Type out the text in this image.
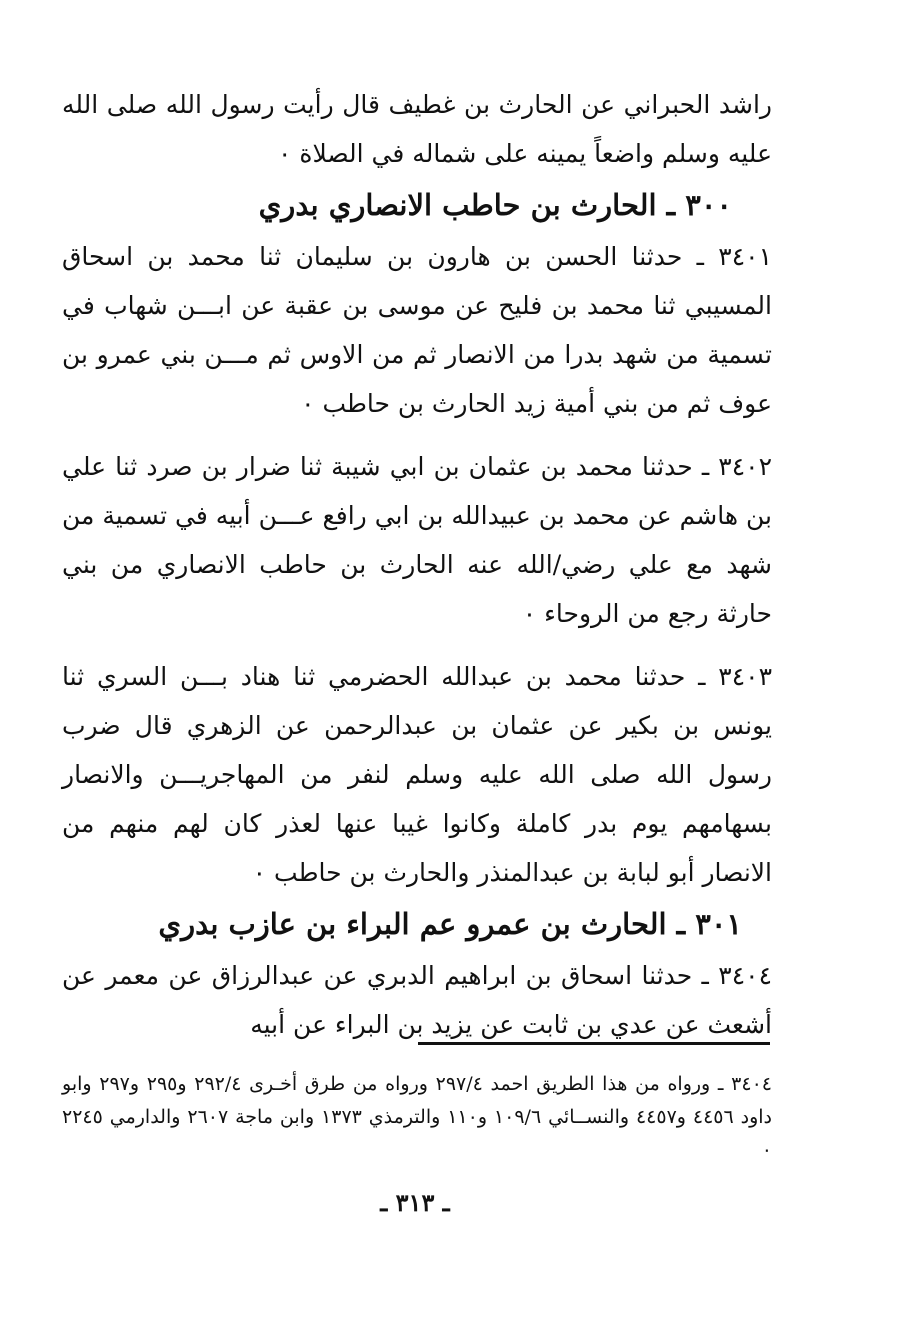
راشد الحبراني عن الحارث بن غطيف قال رأيت رسول الله صلى الله عليه وسلم واضعاً يمينه على شماله في الصلاة ٠

٣٠٠ ـ الحارث بن حاطب الانصاري بدري

٣٤٠١ ـ حدثنا الحسن بن هارون بن سليمان ثنا محمد بن اسحاق المسيبي ثنا محمد بن فليح عن موسى بن عقبة عن ابـــن شهاب في تسمية من شهد بدرا من الانصار ثم من الاوس ثم مـــن بني عمرو بن عوف ثم من بني أمية زيد الحارث بن حاطب ٠

٣٤٠٢ ـ حدثنا محمد بن عثمان بن ابي شيبة ثنا ضرار بن صرد ثنا علي بن هاشم عن محمد بن عبيدالله بن ابي رافع عـــن أبيه في تسمية من شهد مع علي رضي/الله عنه الحارث بن حاطب الانصاري من بني حارثة رجع من الروحاء ٠

٣٤٠٣ ـ حدثنا محمد بن عبدالله الحضرمي ثنا هناد بـــن السري ثنا يونس بن بكير عن عثمان بن عبدالرحمن عن الزهري قال ضرب رسول الله صلى الله عليه وسلم لنفر من المهاجريـــن والانصار بسهامهم يوم بدر كاملة وكانوا غيبا عنها لعذر كان لهم منهم من الانصار أبو لبابة بن عبدالمنذر والحارث بن حاطب ٠

٣٠١ ـ الحارث بن عمرو عم البراء بن عازب بدري

٣٤٠٤ ـ حدثنا اسحاق بن ابراهيم الدبري عن عبدالرزاق عن معمر عن أشعث عن عدي بن ثابت عن يزيد بن البراء عن أبيه

٣٤٠٤ ـ ورواه من هذا الطريق احمد ٢٩٧/٤ ورواه من طرق أخـرى ٢٩٢/٤ و٢٩٥ و٢٩٧ وابو داود ٤٤٥٦ و٤٤٥٧ والنســائي ١٠٩/٦ و١١٠ والترمذي ١٣٧٣ وابن ماجة ٢٦٠٧ والدارمي ٢٢٤٥ ٠

ـ ٣١٣ ـ
